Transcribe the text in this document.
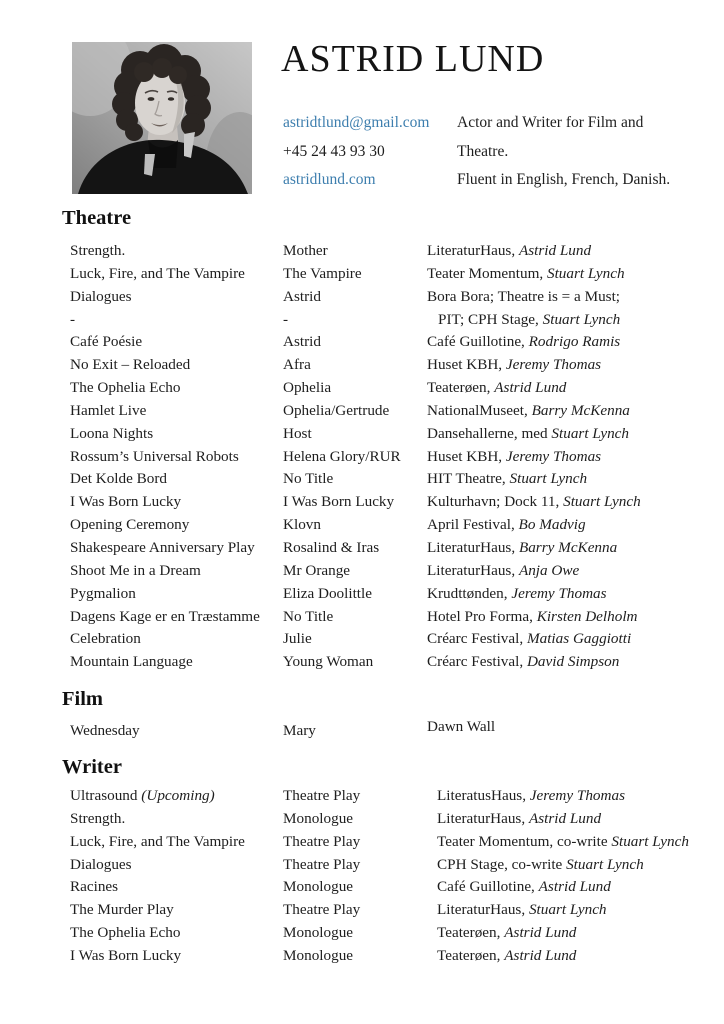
ASTRID LUND
astridtlund@gmail.com
+45 24 43 93 30
astridlund.com
Actor and Writer for Film and Theatre.
Fluent in English, French, Danish.
Theatre
Strength.	Mother	LiteraturHaus, Astrid Lund
Luck, Fire, and The Vampire	The Vampire	Teater Momentum, Stuart Lynch
Dialogues	Astrid	Bora Bora; Theatre is = a Must;
-	-	PIT; CPH Stage, Stuart Lynch
Café Poésie	Astrid	Café Guillotine, Rodrigo Ramis
No Exit – Reloaded	Afra	Huset KBH, Jeremy Thomas
The Ophelia Echo	Ophelia	Teaterøen, Astrid Lund
Hamlet Live	Ophelia/Gertrude	NationalMuseet, Barry McKenna
Loona Nights	Host	Dansehallerne, med Stuart Lynch
Rossum’s Universal Robots	Helena Glory/RUR	Huset KBH, Jeremy Thomas
Det Kolde Bord	No Title	HIT Theatre, Stuart Lynch
I Was Born Lucky	I Was Born Lucky	Kulturhavn; Dock 11, Stuart Lynch
Opening Ceremony	Klovn	April Festival, Bo Madvig
Shakespeare Anniversary Play	Rosalind & Iras	LiteraturHaus, Barry McKenna
Shoot Me in a Dream	Mr Orange	LiteraturHaus, Anja Owe
Pygmalion	Eliza Doolittle	Krudttønden, Jeremy Thomas
Dagens Kage er en Træstamme	No Title	Hotel Pro Forma, Kirsten Delholm
Celebration	Julie	Créarc Festival, Matias Gaggiotti
Mountain Language	Young Woman	Créarc Festival, David Simpson
Film
Wednesday	Mary	Dawn Wall
Writer
Ultrasound (Upcoming)	Theatre Play	LiteratusHaus, Jeremy Thomas
Strength.	Monologue	LiteraturHaus, Astrid Lund
Luck, Fire, and The Vampire	Theatre Play	Teater Momentum, co-write Stuart Lynch
Dialogues	Theatre Play	CPH Stage, co-write Stuart Lynch
Racines	Monologue	Café Guillotine, Astrid Lund
The Murder Play	Theatre Play	LiteraturHaus, Stuart Lynch
The Ophelia Echo	Monologue	Teaterøen, Astrid Lund
I Was Born Lucky	Monologue	Teaterøen, Astrid Lund
